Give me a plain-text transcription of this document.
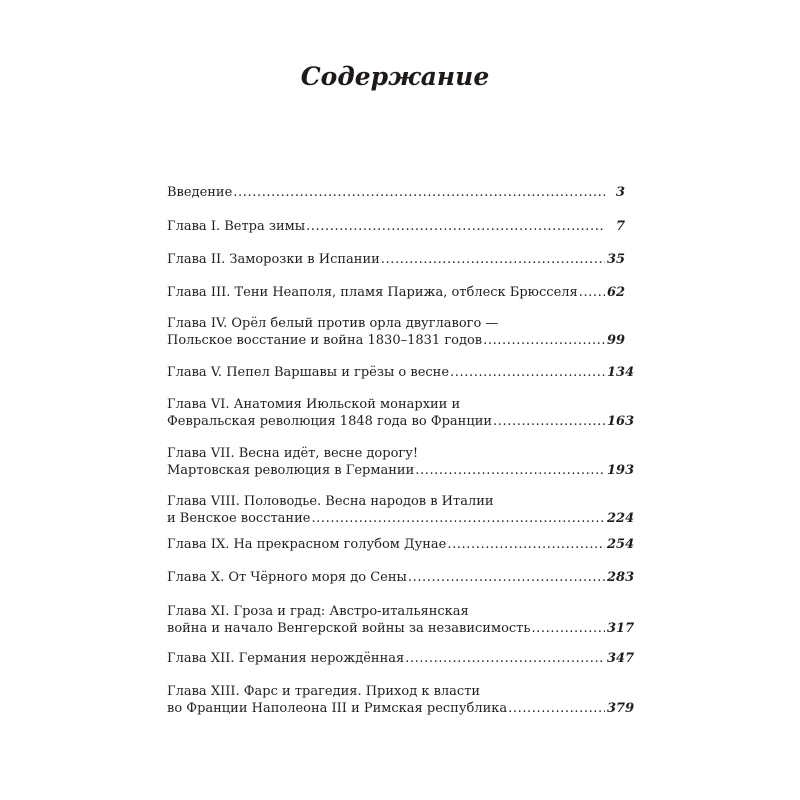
Содержание
Введение .....	3
Глава I. Ветра зимы .....	7
Глава II. Заморозки в Испании .....	35
Глава III. Тени Неаполя, пламя Парижа, отблеск Брюсселя ..... 62
Глава IV. Орёл белый против орла двуглавого —
Польское восстание и война 1830–1831 годов .....	99
Глава V. Пепел Варшавы и грёзы о весне .....	134
Глава VI. Анатомия Июльской монархии и
Февральская революция 1848 года во Франции .....	163
Глава VII. Весна идёт, весне дорогу!
Мартовская революция в Германии .....	193
Глава VIII. Половодье. Весна народов в Италии
и Венское восстание .....	224
Глава IX. На прекрасном голубом Дунае .....	254
Глава X. От Чёрного моря до Сены .....	283
Глава XI. Гроза и град: Австро-итальянская
война и начало Венгерской войны за независимость .....	317
Глава XII. Германия нерождённая .....	347
Глава XIII. Фарс и трагедия. Приход к власти
во Франции Наполеона III и Римская республика .....	379
